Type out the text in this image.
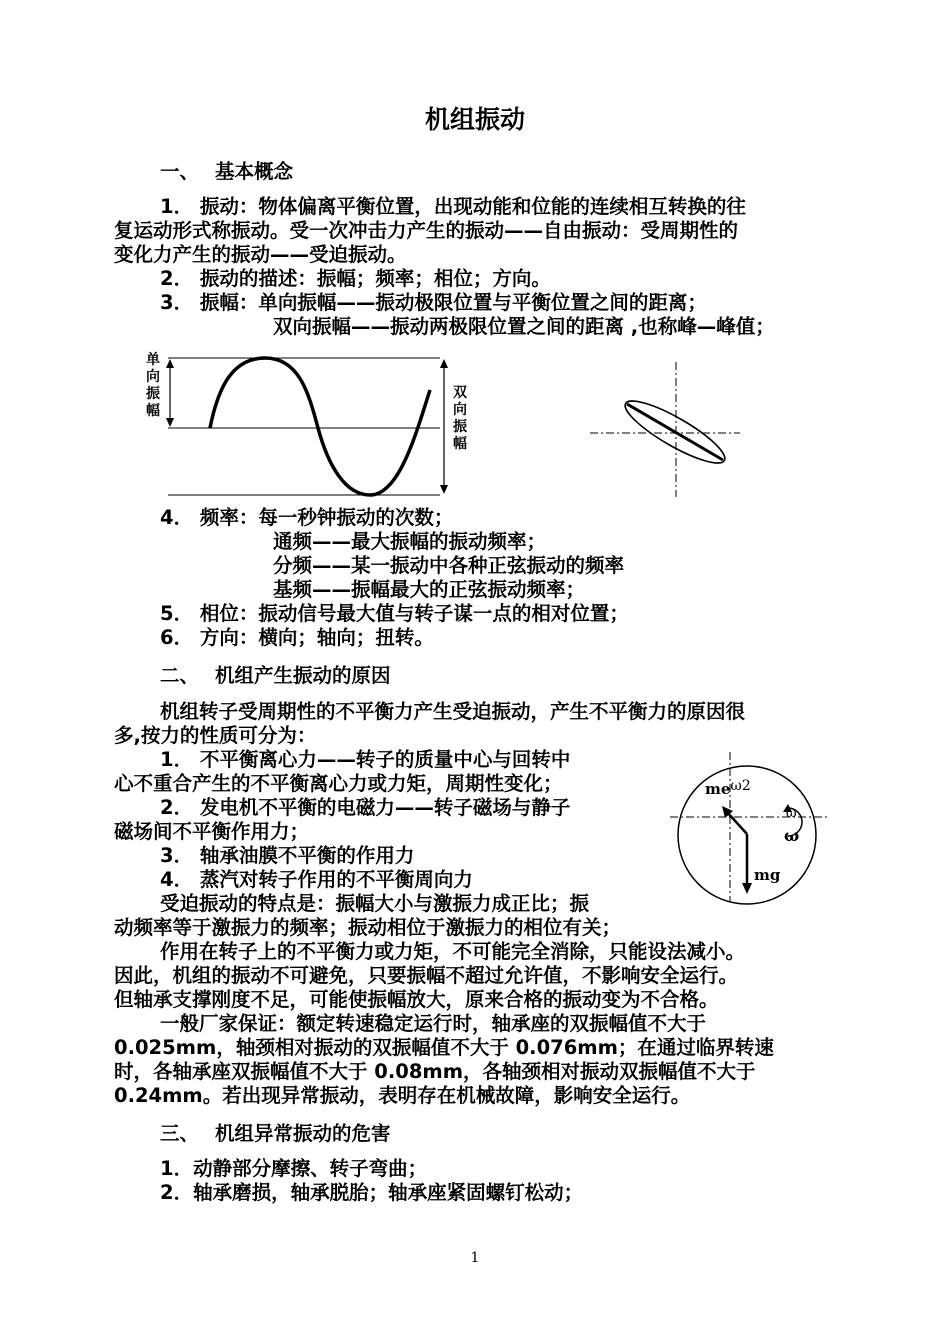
机组振动
一、 基本概念
1． 振动：物体偏离平衡位置，出现动能和位能的连续相互转换的往
复运动形式称振动。受一次冲击力产生的振动——自由振动：受周期性的
变化力产生的振动——受迫振动。
2． 振动的描述：振幅；频率；相位；方向。
3． 振幅：单向振幅——振动极限位置与平衡位置之间的距离；
双向振幅——振动两极限位置之间的距离 ,也称峰—峰值；
单
向
振
幅
双
向
振
幅
4． 频率：每一秒钟振动的次数；
通频——最大振幅的振动频率；
分频——某一振动中各种正弦振动的频率
基频——振幅最大的正弦振动频率；
5． 相位：振动信号最大值与转子谋一点的相对位置；
6． 方向：横向；轴向；扭转。
二、 机组产生振动的原因
机组转子受周期性的不平衡力产生受迫振动，产生不平衡力的原因很
多,按力的性质可分为：
1． 不平衡离心力——转子的质量中心与回转中
心不重合产生的不平衡离心力或力矩，周期性变化；
2． 发电机不平衡的电磁力——转子磁场与静子
磁场间不平衡作用力；
3． 轴承油膜不平衡的作用力
4． 蒸汽对转子作用的不平衡周向力
受迫振动的特点是：振幅大小与激振力成正比；振
动频率等于激振力的频率；振动相位于激振力的相位有关；
作用在转子上的不平衡力或力矩，不可能完全消除，只能设法减小。
因此，机组的振动不可避免，只要振幅不超过允许值，不影响安全运行。
但轴承支撑刚度不足，可能使振幅放大，原来合格的振动变为不合格。
一般厂家保证：额定转速稳定运行时，轴承座的双振幅值不大于
0.025mm，轴颈相对振动的双振幅值不大于 0.076mm；在通过临界转速
时，各轴承座双振幅值不大于 0.08mm，各轴颈相对振动双振幅值不大于
0.24mm。若出现异常振动，表明存在机械故障，影响安全运行。
meω2
ω
ω
mg
三、 机组异常振动的危害
1．动静部分摩擦、转子弯曲；
2．轴承磨损，轴承脱胎；轴承座紧固螺钉松动；
1
